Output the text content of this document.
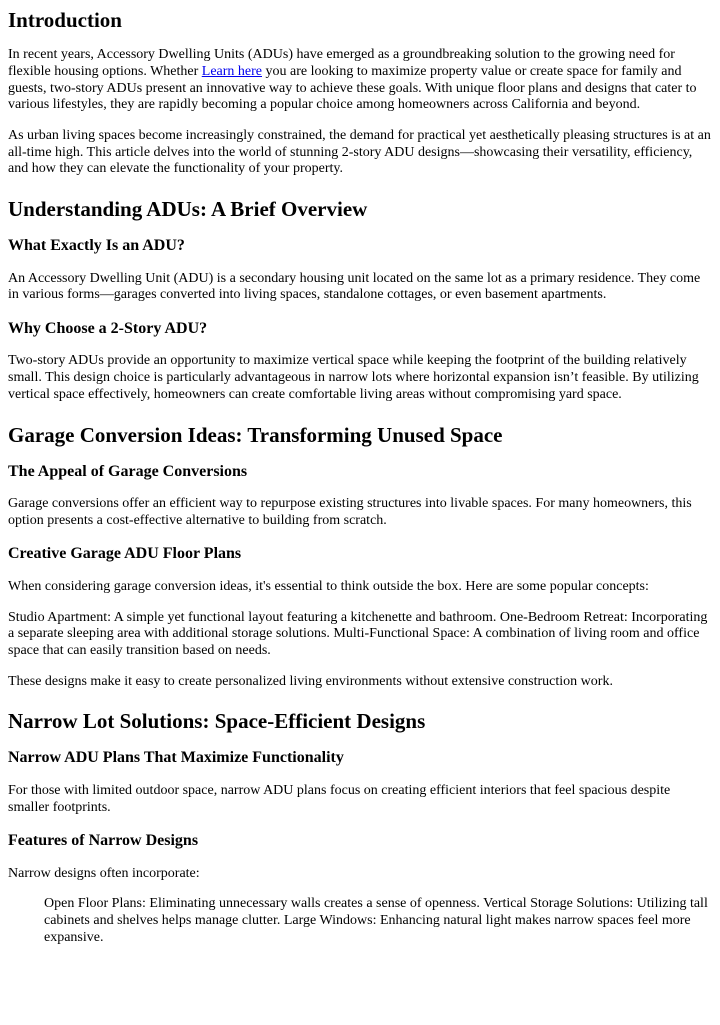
Introduction

In recent years, Accessory Dwelling Units (ADUs) have emerged as a groundbreaking solution to the growing need for flexible housing options. Whether Learn here you are looking to maximize property value or create space for family and guests, two-story ADUs present an innovative way to achieve these goals. With unique floor plans and designs that cater to various lifestyles, they are rapidly becoming a popular choice among homeowners across California and beyond.

As urban living spaces become increasingly constrained, the demand for practical yet aesthetically pleasing structures is at an all-time high. This article delves into the world of stunning 2-story ADU designs—showcasing their versatility, efficiency, and how they can elevate the functionality of your property.

Understanding ADUs: A Brief Overview
What Exactly Is an ADU?

An Accessory Dwelling Unit (ADU) is a secondary housing unit located on the same lot as a primary residence. They come in various forms—garages converted into living spaces, standalone cottages, or even basement apartments.

Why Choose a 2-Story ADU?

Two-story ADUs provide an opportunity to maximize vertical space while keeping the footprint of the building relatively small. This design choice is particularly advantageous in narrow lots where horizontal expansion isn’t feasible. By utilizing vertical space effectively, homeowners can create comfortable living areas without compromising yard space.

Garage Conversion Ideas: Transforming Unused Space
The Appeal of Garage Conversions

Garage conversions offer an efficient way to repurpose existing structures into livable spaces. For many homeowners, this option presents a cost-effective alternative to building from scratch.

Creative Garage ADU Floor Plans

When considering garage conversion ideas, it's essential to think outside the box. Here are some popular concepts:

Studio Apartment: A simple yet functional layout featuring a kitchenette and bathroom. One-Bedroom Retreat: Incorporating a separate sleeping area with additional storage solutions. Multi-Functional Space: A combination of living room and office space that can easily transition based on needs.

These designs make it easy to create personalized living environments without extensive construction work.

Narrow Lot Solutions: Space-Efficient Designs
Narrow ADU Plans That Maximize Functionality

For those with limited outdoor space, narrow ADU plans focus on creating efficient interiors that feel spacious despite smaller footprints.

Features of Narrow Designs

Narrow designs often incorporate:

Open Floor Plans: Eliminating unnecessary walls creates a sense of openness. Vertical Storage Solutions: Utilizing tall cabinets and shelves helps manage clutter. Large Windows: Enhancing natural light makes narrow spaces feel more expansive.
